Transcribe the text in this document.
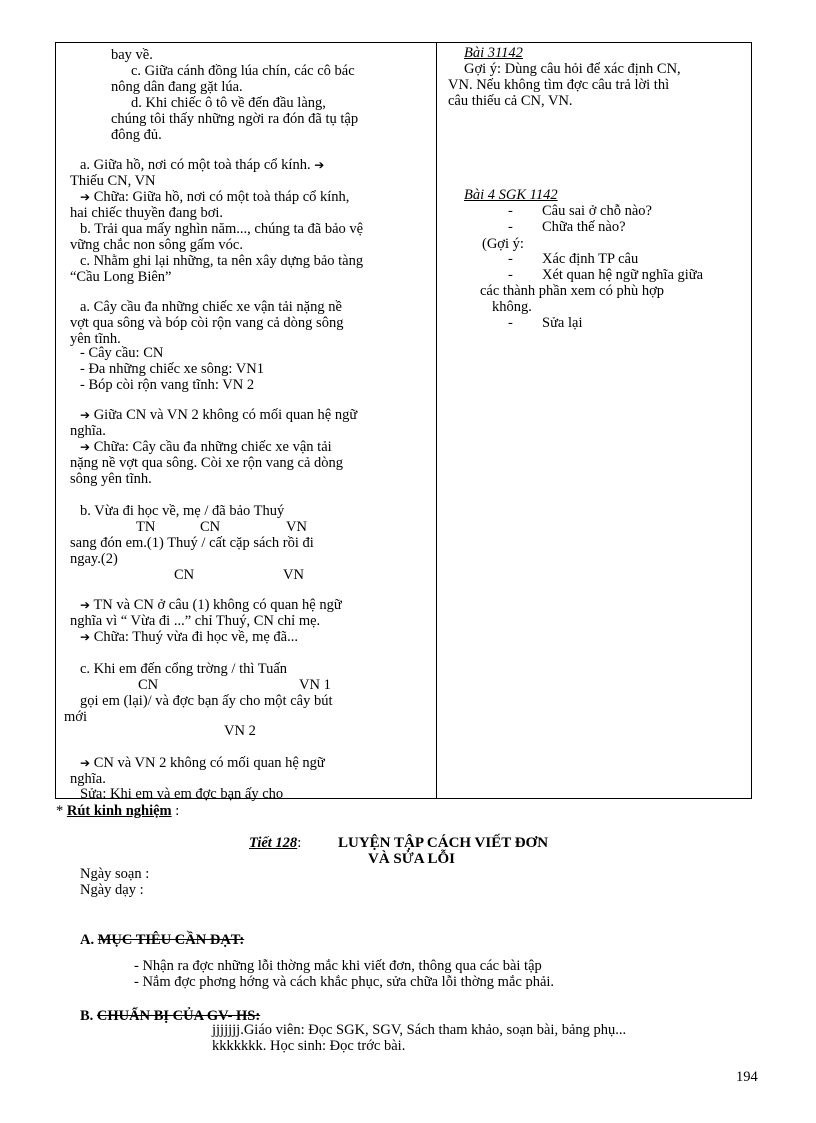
bay về.
c. Giữa cánh đồng lúa chín, các cô bác
nông dân đang gặt lúa.
d. Khi chiếc ô tô về đến đầu làng,
chúng tôi thấy những ngời ra đón đã tụ tập
đông đủ.
a. Giữa hồ, nơi có một toà tháp cổ kính. ➔
Thiếu CN, VN
➔ Chữa: Giữa hồ, nơi có một toà tháp cổ kính,
hai chiếc thuyền đang bơi.
b. Trải qua mấy nghìn năm..., chúng ta đã bảo vệ
vững chắc non sông gấm vóc.
c. Nhằm ghi lại những, ta nên xây dựng bảo tàng
“Cầu Long Biên”
a. Cây cầu đa những chiếc xe vận tải nặng nề
vợt qua sông và bóp còi rộn vang cả dòng sông
yên tĩnh.
- Cây cầu: CN
- Đa những chiếc xe sông: VN1
- Bóp còi rộn vang tĩnh: VN 2
➔ Giữa CN và VN 2 không có mối quan hệ ngữ
nghĩa.
➔ Chữa: Cây cầu đa những chiếc xe vận tải
nặng nề vợt qua sông. Còi xe rộn vang cả dòng
sông yên tĩnh.
b. Vừa đi học về, mẹ / đã bảo Thuý
TN	CN	VN
sang đón em.(1) Thuý / cất cặp sách rồi đi
ngay.(2)
CN	VN
➔ TN và CN ở câu (1) không có quan hệ ngữ
nghĩa vì “ Vừa đi ...” chỉ Thuý, CN chỉ mẹ.
➔ Chữa: Thuý vừa đi học về, mẹ đã...
c. Khi em đến cổng trờng / thì Tuấn
CN	VN 1
gọi em (lại)/ và đợc bạn ấy cho một cây bút
mới
VN 2
➔ CN và VN 2 không có mối quan hệ ngữ
nghĩa.
Sửa: Khi em và em đợc bạn ấy cho
Bài 31142
Gợi ý: Dùng câu hỏi để xác định CN,
VN. Nếu không tìm đợc câu trả lời thì
câu thiếu cả CN, VN.
Bài 4 SGK 1142
- Câu sai ở chỗ nào?
- Chữa thế nào?
(Gợi ý:
- Xác định TP câu
- Xét quan hệ ngữ nghĩa giữa
các thành phần xem có phù hợp
không.
- Sửa lại
* Rút kinh nghiệm :
Tiết 128: LUYỆN TẬP CÁCH VIẾT ĐƠN
VÀ SỬA LỖI
Ngày soạn :
Ngày dạy :
A. MỤC TIÊU CẦN ĐẠT:
- Nhận ra đợc những lỗi thờng mắc khi viết đơn, thông qua các bài tập
- Nắm đợc phơng hớng và cách khắc phục, sửa chữa lỗi thờng mắc phải.
B. CHUẨN BỊ CỦA GV- HS:
jjjjjjj.Giáo viên: Đọc SGK, SGV, Sách tham khảo, soạn bài, bảng phụ...
kkkkkkk. Học sinh: Đọc trớc bài.
194
